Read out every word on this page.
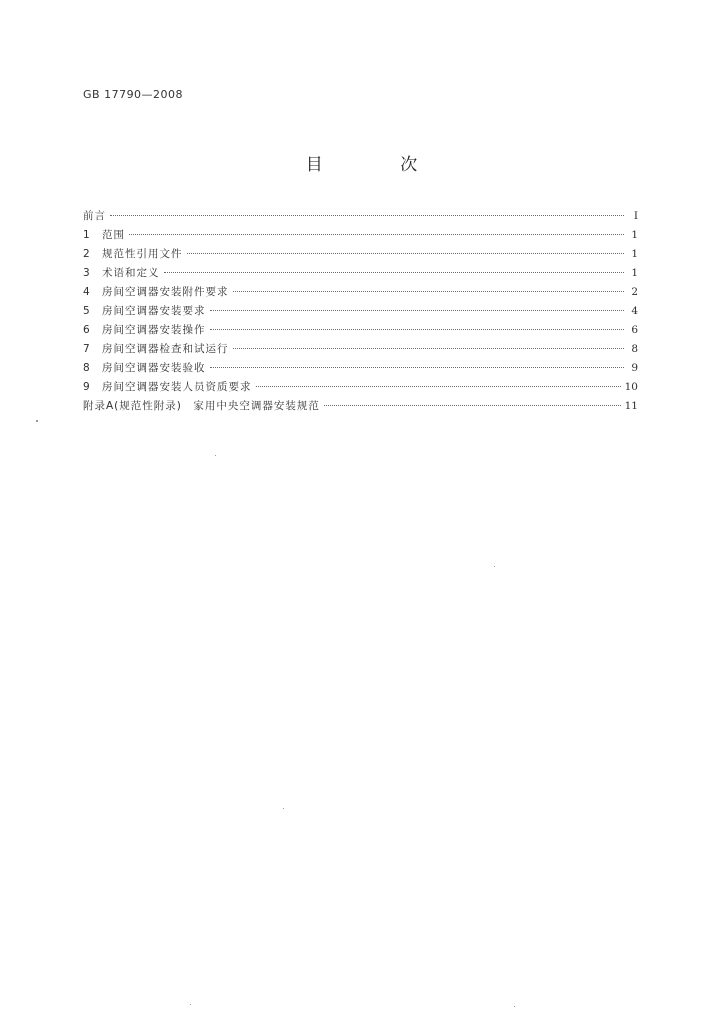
GB 17790—2008
目 次
前言	Ⅰ
1	范围	1
2	规范性引用文件	1
3	术语和定义	1
4	房间空调器安装附件要求	2
5	房间空调器安装要求	4
6	房间空调器安装操作	6
7	房间空调器检查和试运行	8
8	房间空调器安装验收	9
9	房间空调器安装人员资质要求	10
附录A(规范性附录)　家用中央空调器安装规范	11
